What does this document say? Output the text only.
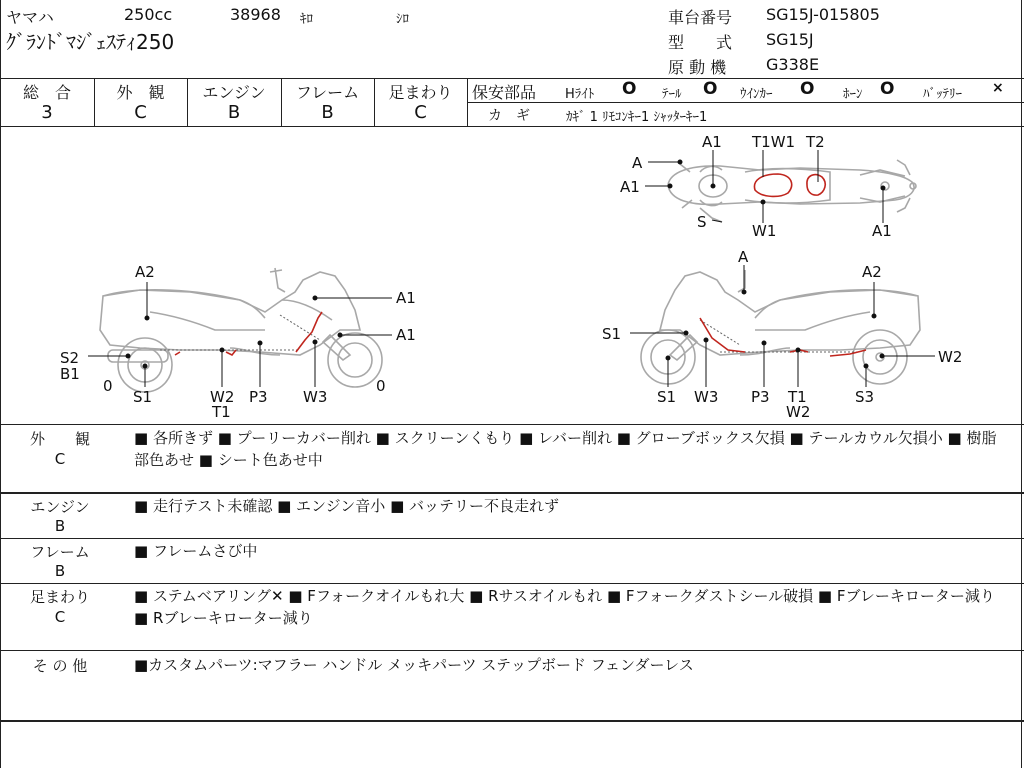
ヤマハ	250cc	38968 ｷﾛ	ｼﾛ
ｸﾞﾗﾝﾄﾞﾏｼﾞｪｽﾃｨ250
車台番号 SG15J-015805
型　　式 SG15J
原 動 機 G338E
総　合
3
外　観
C
エンジン
B
フレーム
B
足まわり
C
保安部品 Hﾗｲﾄ O ﾃｰﾙ O ｳｲﾝｶｰ O ﾎｰﾝ O ﾊﾞｯﾃﾘｰ ×
カ　ギ	ｶｷﾞ 1 ﾘﾓｺﾝｷｰ1 ｼｬｯﾀｰｷｰ1
A
A1
A1 T1W1 T2
S	W1	A1
A2
A1
A1
S2
B1
0
S1	W2
T1
P3 W3
0
A
A2
S1
W2
S1 W3 P3 T1
W2
S3
外　　観
C
■ 各所きず ■ プーリーカバー削れ ■ スクリーンくもり ■ レバー削れ ■ グローブボックス欠損 ■ テールカウル欠損小 ■ 樹脂部色あせ ■ シート色あせ中
エンジン
B
■ 走行テスト未確認 ■ エンジン音小 ■ バッテリー不良走れず
フレーム
B
■ フレームさび中
足まわり
C
■ ステムベアリング✕ ■ Fフォークオイルもれ大 ■ Rサスオイルもれ ■ Fフォークダストシール破損 ■ Fブレーキローター減り ■ Rブレーキローター減り
そ の 他	■カスタムパーツ:マフラー ハンドル メッキパーツ ステップボード フェンダーレス
